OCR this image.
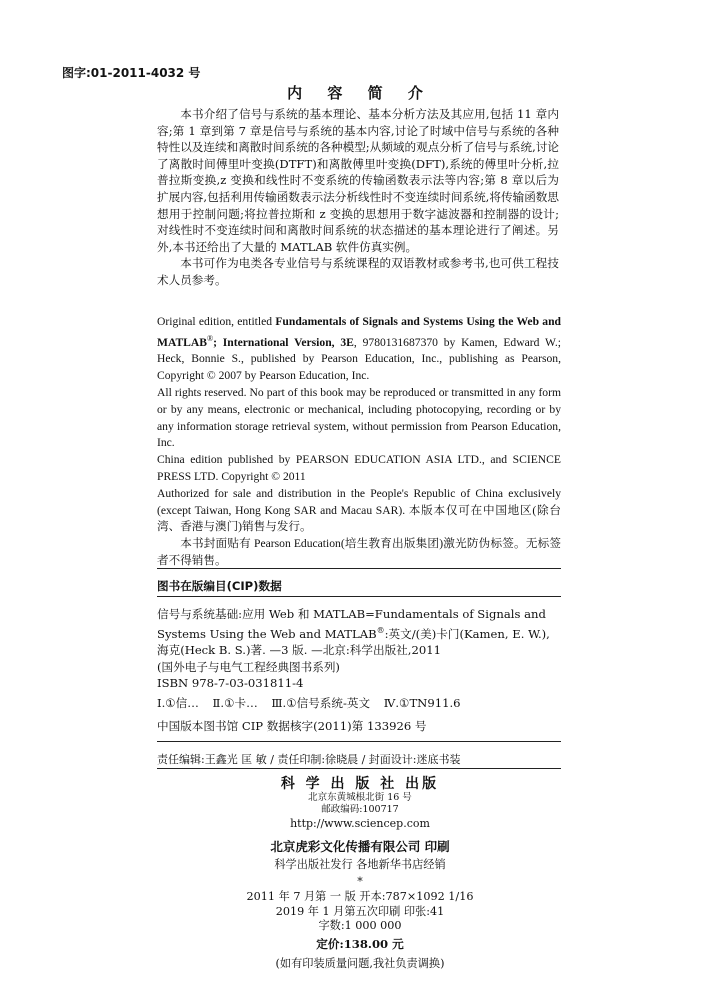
图字:01-2011-4032 号
内 容 简 介

本书介绍了信号与系统的基本理论、基本分析方法及其应用,包括 11 章内容;第 1 章到第 7 章是信号与系统的基本内容,讨论了时域中信号与系统的各种特性以及连续和离散时间系统的各种模型;从频域的观点分析了信号与系统,讨论了离散时间傅里叶变换(DTFT)和离散傅里叶变换(DFT),系统的傅里叶分析,拉普拉斯变换,z 变换和线性时不变系统的传输函数表示法等内容;第 8 章以后为扩展内容,包括利用传输函数表示法分析线性时不变连续时间系统,将传输函数思想用于控制问题;将拉普拉斯和 z 变换的思想用于数字滤波器和控制器的设计;对线性时不变连续时间和离散时间系统的状态描述的基本理论进行了阐述。另外,本书还给出了大量的 MATLAB 软件仿真实例。

本书可作为电类各专业信号与系统课程的双语教材或参考书,也可供工程技术人员参考。

Original edition, entitled Fundamentals of Signals and Systems Using the Web and MATLAB®; International Version, 3E, 9780131687370 by Kamen, Edward W.; Heck, Bonnie S., published by Pearson Education, Inc., publishing as Pearson, Copyright © 2007 by Pearson Education, Inc.

All rights reserved. No part of this book may be reproduced or transmitted in any form or by any means, electronic or mechanical, including photocopying, recording or by any information storage retrieval system, without permission from Pearson Education, Inc.

China edition published by PEARSON EDUCATION ASIA LTD., and SCIENCE PRESS LTD. Copyright © 2011

Authorized for sale and distribution in the People's Republic of China exclusively (except Taiwan, Hong Kong SAR and Macau SAR). 本版本仅可在中国地区(除台湾、香港与澳门)销售与发行。

本书封面贴有 Pearson Education(培生教育出版集团)激光防伪标签。无标签者不得销售。

图书在版编目(CIP)数据

信号与系统基础:应用 Web 和 MATLAB=Fundamentals of Signals and Systems Using the Web and MATLAB®:英文/(美)卡门(Kamen, E. W.),海克(Heck B. S.)著. —3 版. —北京:科学出版社,2011

(国外电子与电气工程经典图书系列)

ISBN 978-7-03-031811-4

Ⅰ.①信… Ⅱ.①卡… Ⅲ.①信号系统-英文 Ⅳ.①TN911.6
中国版本图书馆 CIP 数据核字(2011)第 133926 号
责任编辑:王鑫光 匡 敏 / 责任印制:徐晓晨 / 封面设计:迷底书装
科 学 出 版 社 出版
北京东黄城根北街 16 号
邮政编码:100717
http://www.sciencep.com
北京虎彩文化传播有限公司 印刷
科学出版社发行 各地新华书店经销
*
2011 年 7 月第 一 版 开本:787×1092 1/16
2019 年 1 月第五次印刷 印张:41
字数:1 000 000
定价:138.00 元
(如有印装质量问题,我社负责调换)
